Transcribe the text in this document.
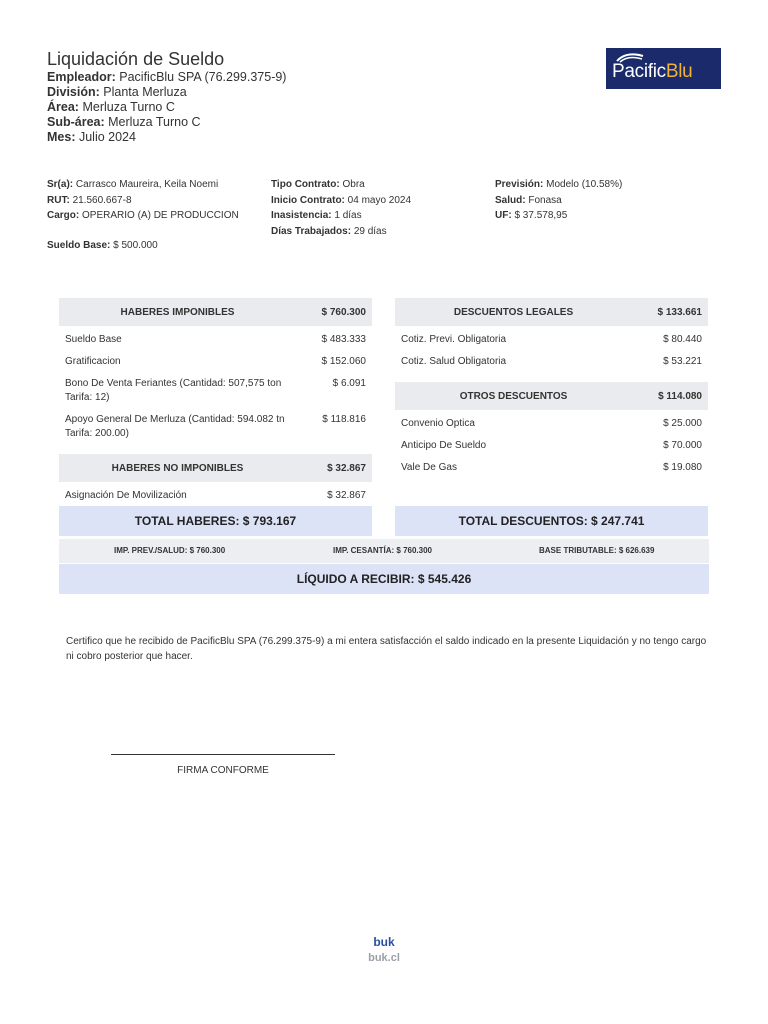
Liquidación de Sueldo
Empleador: PacificBlu SPA (76.299.375-9)
División: Planta Merluza
Área: Merluza Turno C
Sub-área: Merluza Turno C
Mes: Julio 2024
PacificBlu
Sr(a): Carrasco Maureira, Keila Noemi
RUT: 21.560.667-8
Cargo: OPERARIO (A) DE PRODUCCION
Sueldo Base: $ 500.000
Tipo Contrato: Obra
Inicio Contrato: 04 mayo 2024
Inasistencia: 1 días
Días Trabajados: 29 días
Previsión: Modelo (10.58%)
Salud: Fonasa
UF: $ 37.578,95
HABERES IMPONIBLES	$ 760.300
Sueldo Base	$ 483.333
Gratificacion	$ 152.060
Bono De Venta Feriantes (Cantidad: 507,575 ton Tarifa: 12)
$ 6.091
Apoyo General De Merluza (Cantidad: 594.082 tn Tarifa: 200.00)
$ 118.816
HABERES NO IMPONIBLES	$ 32.867
Asignación De Movilización	$ 32.867
DESCUENTOS LEGALES	$ 133.661
Cotiz. Previ. Obligatoria	$ 80.440
Cotiz. Salud Obligatoria	$ 53.221
OTROS DESCUENTOS	$ 114.080
Convenio Optica	$ 25.000
Anticipo De Sueldo	$ 70.000
Vale De Gas	$ 19.080
TOTAL HABERES: $ 793.167	TOTAL DESCUENTOS: $ 247.741
IMP. PREV./SALUD: $ 760.300	IMP. CESANTÍA: $ 760.300	BASE TRIBUTABLE: $ 626.639
LÍQUIDO A RECIBIR: $ 545.426
Certifico que he recibido de PacificBlu SPA (76.299.375-9) a mi entera satisfacción el saldo indicado en la presente Liquidación y no tengo cargo ni cobro posterior que hacer.
FIRMA CONFORME
buk
buk.cl
